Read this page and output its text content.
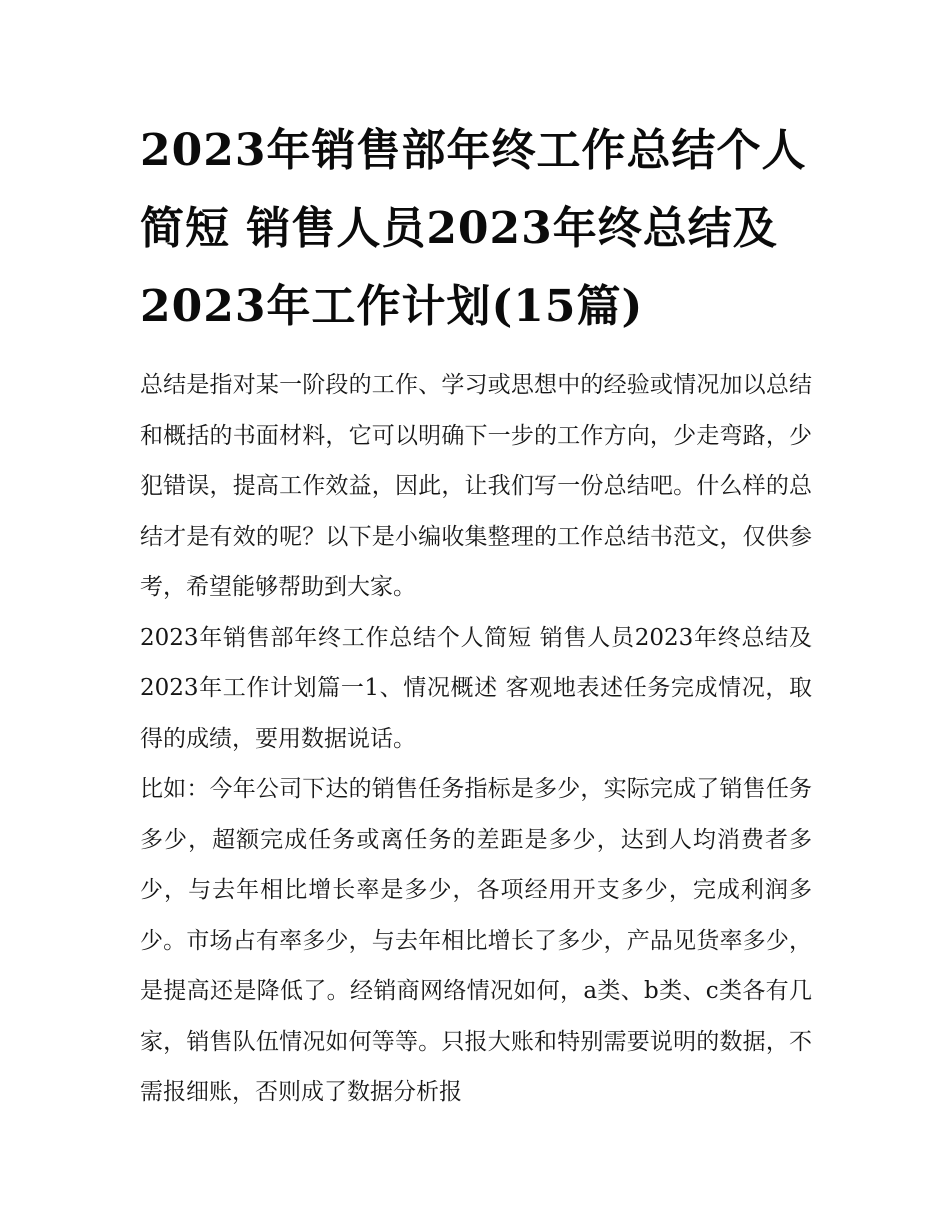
2023年销售部年终工作总结个人简短 销售人员2023年终总结及2023年工作计划(15篇)

总结是指对某一阶段的工作、学习或思想中的经验或情况加以总结和概括的书面材料，它可以明确下一步的工作方向，少走弯路，少犯错误，提高工作效益，因此，让我们写一份总结吧。什么样的总结才是有效的呢？以下是小编收集整理的工作总结书范文，仅供参考，希望能够帮助到大家。

2023年销售部年终工作总结个人简短 销售人员2023年终总结及2023年工作计划篇一1、情况概述 客观地表述任务完成情况，取得的成绩，要用数据说话。

比如：今年公司下达的销售任务指标是多少，实际完成了销售任务多少，超额完成任务或离任务的差距是多少，达到人均消费者多少，与去年相比增长率是多少，各项经用开支多少，完成利润多少。市场占有率多少，与去年相比增长了多少，产品见货率多少，是提高还是降低了。经销商网络情况如何，a类、b类、c类各有几家，销售队伍情况如何等等。只报大账和特别需要说明的数据，不需报细账，否则成了数据分析报
